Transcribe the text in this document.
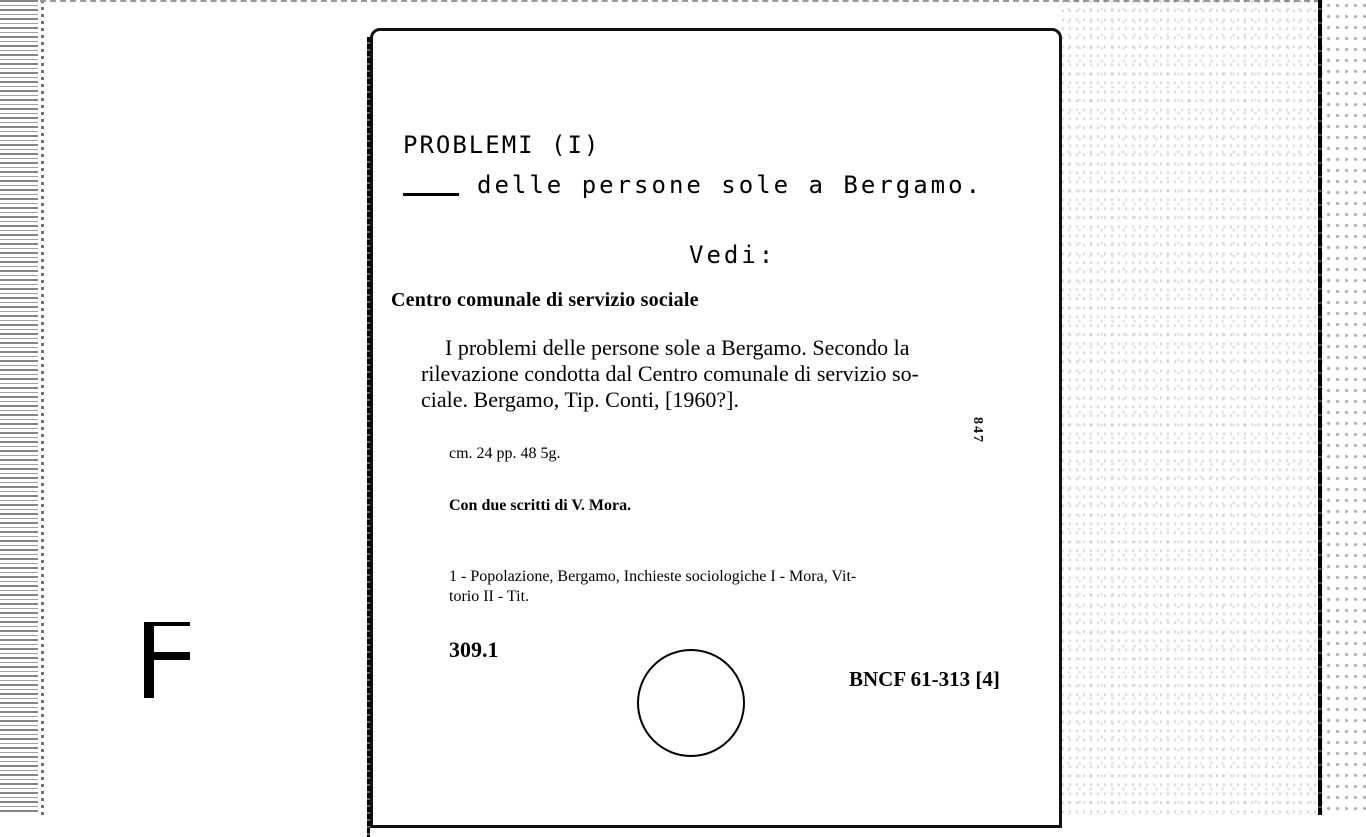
PROBLEMI (I)
delle persone sole a Bergamo.
Vedi:
Centro comunale di servizio sociale
I problemi delle persone sole a Bergamo. Secondo la
rilevazione condotta dal Centro comunale di servizio so-
ciale. Bergamo, Tip. Conti, [1960?].
cm. 24 pp. 48 5g.
847
Con due scritti di V. Mora.
1 - Popolazione, Bergamo, Inchieste sociologiche I - Mora, Vit-
torio II - Tit.
309.1
BNCF 61-313 [4]
